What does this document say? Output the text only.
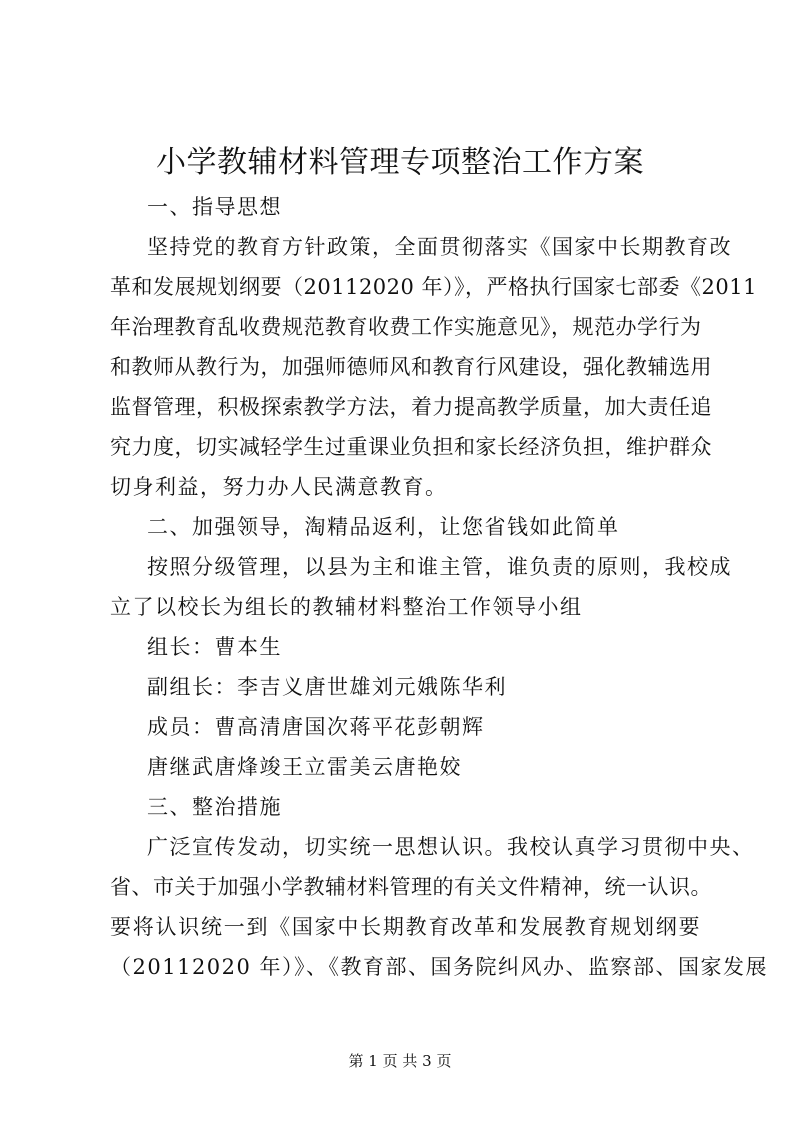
小学教辅材料管理专项整治工作方案
一、指导思想
坚持党的教育方针政策，全面贯彻落实《国家中长期教育改
革和发展规划纲要（20112020 年）》，严格执行国家七部委《2011
年治理教育乱收费规范教育收费工作实施意见》，规范办学行为
和教师从教行为，加强师德师风和教育行风建设，强化教辅选用
监督管理，积极探索教学方法，着力提高教学质量，加大责任追
究力度，切实减轻学生过重课业负担和家长经济负担，维护群众
切身利益，努力办人民满意教育。
二、加强领导，淘精品返利，让您省钱如此简单
按照分级管理，以县为主和谁主管，谁负责的原则，我校成
立了以校长为组长的教辅材料整治工作领导小组
组长：曹本生
副组长：李吉义唐世雄刘元娥陈华利
成员：曹高清唐国次蒋平花彭朝辉
唐继武唐烽竣王立雷美云唐艳姣
三、整治措施
广泛宣传发动，切实统一思想认识。我校认真学习贯彻中央、
省、市关于加强小学教辅材料管理的有关文件精神，统一认识。
要将认识统一到《国家中长期教育改革和发展教育规划纲要
（20112020 年）》、《教育部、国务院纠风办、监察部、国家发展
第 1 页 共 3 页
